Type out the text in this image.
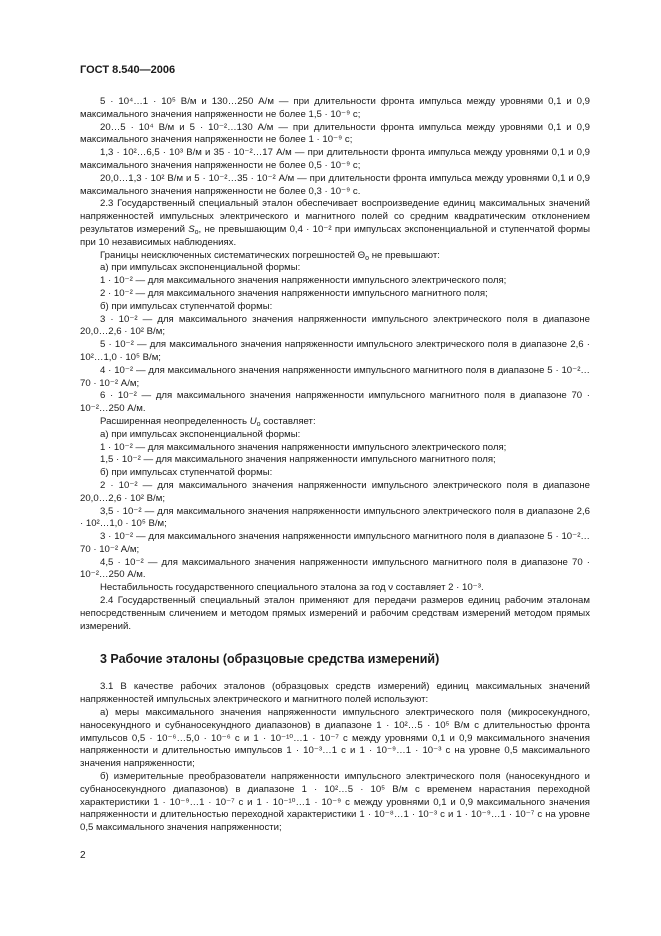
ГОСТ 8.540—2006

5 · 10⁴…1 · 10⁵ В/м и 130…250 А/м — при длительности фронта импульса между уровнями 0,1 и 0,9 максимального значения напряженности не более 1,5 · 10⁻⁹ с;

20…5 · 10⁴ В/м и 5 · 10⁻²…130 А/м — при длительности фронта импульса между уровнями 0,1 и 0,9 максимального значения напряженности не более 1 · 10⁻⁹ с;

1,3 · 10²…6,5 · 10³ В/м и 35 · 10⁻²…17 А/м — при длительности фронта импульса между уровнями 0,1 и 0,9 максимального значения напряженности не более 0,5 · 10⁻⁹ с;

20,0…1,3 · 10² В/м и 5 · 10⁻²…35 · 10⁻² А/м — при длительности фронта импульса между уровнями 0,1 и 0,9 максимального значения напряженности не более 0,3 · 10⁻⁹ с.

2.3 Государственный специальный эталон обеспечивает воспроизведение единиц максимальных значений напряженностей импульсных электрического и магнитного полей со средним квадратическим отклонением результатов измерений $S_o$, не превышающим 0,4 · 10⁻² при импульсах экспоненциальной и ступенчатой формы при 10 независимых наблюдениях.

Границы неисключенных систематических погрешностей $\Theta_o$ не превышают:

а) при импульсах экспоненциальной формы:

1 · 10⁻² — для максимального значения напряженности импульсного электрического поля;

2 · 10⁻² — для максимального значения напряженности импульсного магнитного поля;

б) при импульсах ступенчатой формы:

3 · 10⁻² — для максимального значения напряженности импульсного электрического поля в диапазоне 20,0…2,6 · 10² В/м;

5 · 10⁻² — для максимального значения напряженности импульсного электрического поля в диапазоне 2,6 · 10²…1,0 · 10⁵ В/м;

4 · 10⁻² — для максимального значения напряженности импульсного магнитного поля в диапазоне 5 · 10⁻²…70 · 10⁻² А/м;

6 · 10⁻² — для максимального значения напряженности импульсного магнитного поля в диапазоне 70 · 10⁻²…250 А/м.

Расширенная неопределенность $U_o$ составляет:

а) при импульсах экспоненциальной формы:

1 · 10⁻² — для максимального значения напряженности импульсного электрического поля;

1,5 · 10⁻² — для максимального значения напряженности импульсного магнитного поля;

б) при импульсах ступенчатой формы:

2 · 10⁻² — для максимального значения напряженности импульсного электрического поля в диапазоне 20,0…2,6 · 10² В/м;

3,5 · 10⁻² — для максимального значения напряженности импульсного электрического поля в диапазоне 2,6 · 10²…1,0 · 10⁵ В/м;

3 · 10⁻² — для максимального значения напряженности импульсного магнитного поля в диапазоне 5 · 10⁻²…70 · 10⁻² А/м;

4,5 · 10⁻² — для максимального значения напряженности импульсного магнитного поля в диапазоне 70 · 10⁻²…250 А/м.

Нестабильность государственного специального эталона за год ν составляет 2 · 10⁻³.

2.4 Государственный специальный эталон применяют для передачи размеров единиц рабочим эталонам непосредственным сличением и методом прямых измерений и рабочим средствам измерений методом прямых измерений.

3 Рабочие эталоны (образцовые средства измерений)

3.1 В качестве рабочих эталонов (образцовых средств измерений) единиц максимальных значений напряженностей импульсных электрического и магнитного полей используют:

а) меры максимального значения напряженности импульсного электрического поля (микросекундного, наносекундного и субнаносекундного диапазонов) в диапазоне 1 · 10²…5 · 10⁵ В/м с длительностью фронта импульсов 0,5 · 10⁻⁶…5,0 · 10⁻⁶ с и 1 · 10⁻¹⁰…1 · 10⁻⁷ с между уровнями 0,1 и 0,9 максимального значения напряженности и длительностью импульсов 1 · 10⁻³…1 с и 1 · 10⁻⁹…1 · 10⁻³ с на уровне 0,5 максимального значения напряженности;

б) измерительные преобразователи напряженности импульсного электрического поля (наносекундного и субнаносекундного диапазонов) в диапазоне 1 · 10²…5 · 10⁵ В/м с временем нарастания переходной характеристики 1 · 10⁻⁹…1 · 10⁻⁷ с и 1 · 10⁻¹⁰…1 · 10⁻⁹ с между уровнями 0,1 и 0,9 максимального значения напряженности и длительностью переходной характеристики 1 · 10⁻⁸…1 · 10⁻³ с и 1 · 10⁻⁹…1 · 10⁻⁷ с на уровне 0,5 максимального значения напряженности;

2
